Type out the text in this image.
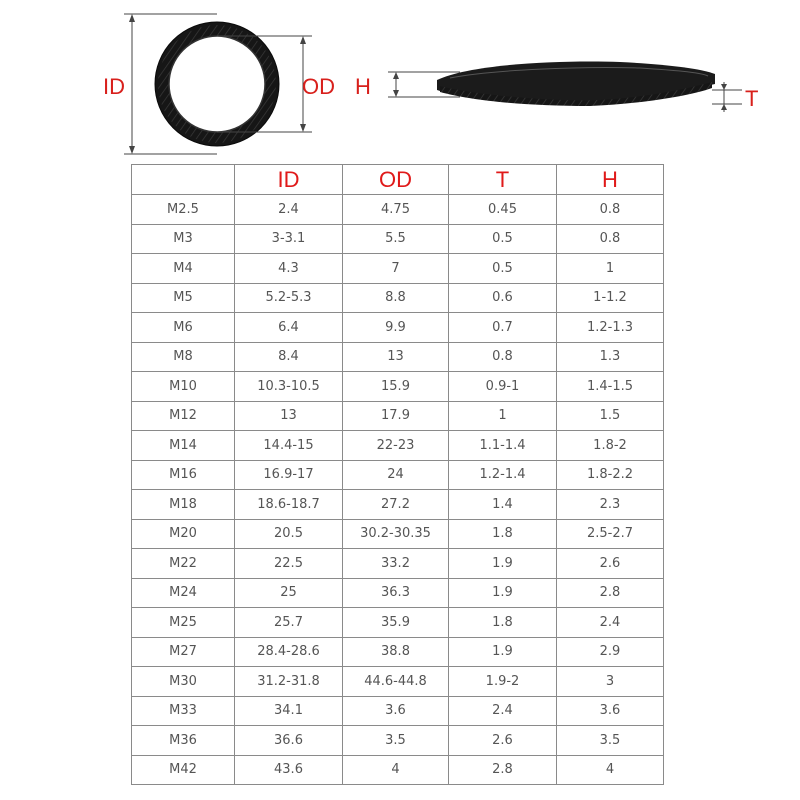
ID	OD H	T
	ID	OD	T	H
M2.5	2.4	4.75	0.45	0.8
M3	3-3.1	5.5	0.5	0.8
M4	4.3	7	0.5	1
M5	5.2-5.3	8.8	0.6	1-1.2
M6	6.4	9.9	0.7	1.2-1.3
M8	8.4	13	0.8	1.3
M10	10.3-10.5	15.9	0.9-1	1.4-1.5
M12	13	17.9	1	1.5
M14	14.4-15	22-23	1.1-1.4	1.8-2
M16	16.9-17	24	1.2-1.4	1.8-2.2
M18	18.6-18.7	27.2	1.4	2.3
M20	20.5	30.2-30.35	1.8	2.5-2.7
M22	22.5	33.2	1.9	2.6
M24	25	36.3	1.9	2.8
M25	25.7	35.9	1.8	2.4
M27	28.4-28.6	38.8	1.9	2.9
M30	31.2-31.8	44.6-44.8	1.9-2	3
M33	34.1	3.6	2.4	3.6
M36	36.6	3.5	2.6	3.5
M42	43.6	4	2.8	4
